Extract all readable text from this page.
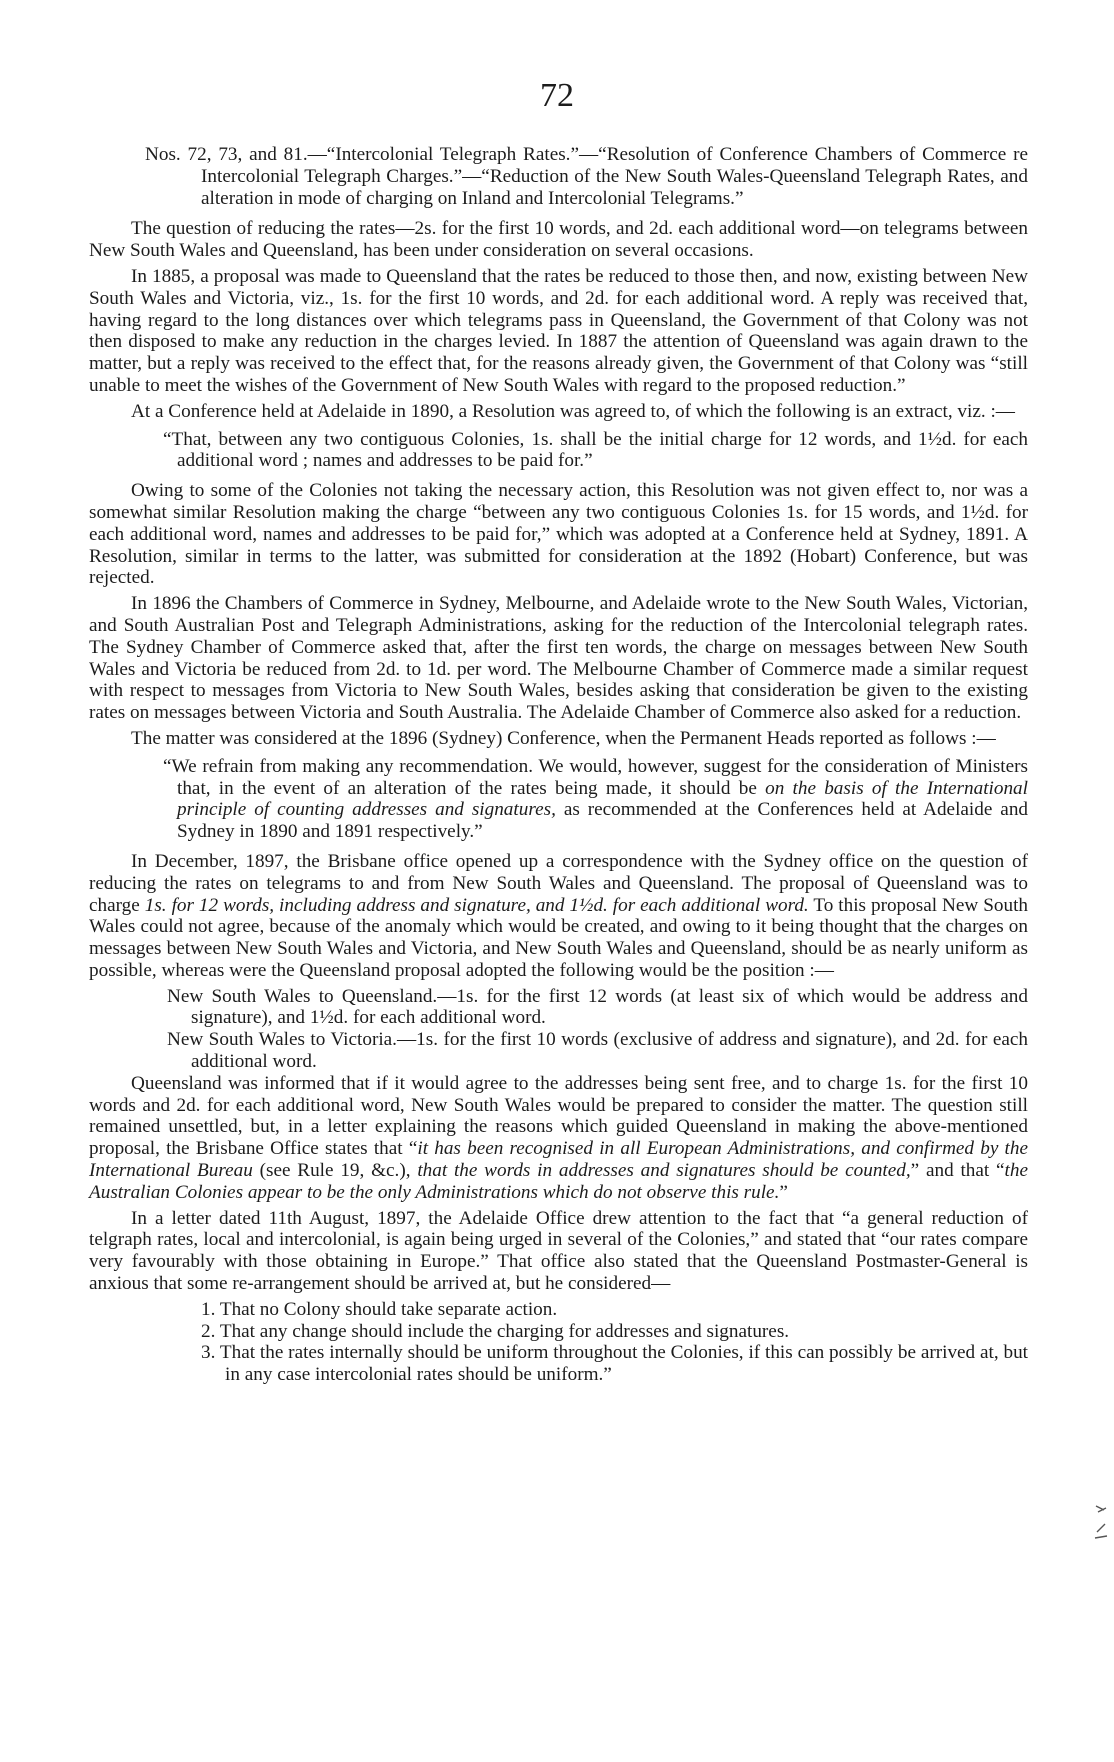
72

Nos. 72, 73, and 81.—“Intercolonial Telegraph Rates.”—“Resolution of Conference Chambers of Commerce re Intercolonial Telegraph Charges.”—“Reduction of the New South Wales-Queensland Telegraph Rates, and alteration in mode of charging on Inland and Intercolonial Telegrams.”

The question of reducing the rates—2s. for the first 10 words, and 2d. each additional word—on telegrams between New South Wales and Queensland, has been under consideration on several occasions.

In 1885, a proposal was made to Queensland that the rates be reduced to those then, and now, existing between New South Wales and Victoria, viz., 1s. for the first 10 words, and 2d. for each additional word. A reply was received that, having regard to the long distances over which telegrams pass in Queensland, the Government of that Colony was not then disposed to make any reduction in the charges levied. In 1887 the attention of Queensland was again drawn to the matter, but a reply was received to the effect that, for the reasons already given, the Government of that Colony was “still unable to meet the wishes of the Government of New South Wales with regard to the proposed reduction.”

At a Conference held at Adelaide in 1890, a Resolution was agreed to, of which the following is an extract, viz. :—

“That, between any two contiguous Colonies, 1s. shall be the initial charge for 12 words, and 1½d. for each additional word ; names and addresses to be paid for.”

Owing to some of the Colonies not taking the necessary action, this Resolution was not given effect to, nor was a somewhat similar Resolution making the charge “between any two contiguous Colonies 1s. for 15 words, and 1½d. for each additional word, names and addresses to be paid for,” which was adopted at a Conference held at Sydney, 1891. A Resolution, similar in terms to the latter, was submitted for consideration at the 1892 (Hobart) Conference, but was rejected.

In 1896 the Chambers of Commerce in Sydney, Melbourne, and Adelaide wrote to the New South Wales, Victorian, and South Australian Post and Telegraph Administrations, asking for the reduction of the Intercolonial telegraph rates. The Sydney Chamber of Commerce asked that, after the first ten words, the charge on messages between New South Wales and Victoria be reduced from 2d. to 1d. per word. The Melbourne Chamber of Commerce made a similar request with respect to messages from Victoria to New South Wales, besides asking that consideration be given to the existing rates on messages between Victoria and South Australia. The Adelaide Chamber of Commerce also asked for a reduction.

The matter was considered at the 1896 (Sydney) Conference, when the Permanent Heads reported as follows :—

“We refrain from making any recommendation. We would, however, suggest for the consideration of Ministers that, in the event of an alteration of the rates being made, it should be on the basis of the International principle of counting addresses and signatures, as recommended at the Conferences held at Adelaide and Sydney in 1890 and 1891 respectively.”

In December, 1897, the Brisbane office opened up a correspondence with the Sydney office on the question of reducing the rates on telegrams to and from New South Wales and Queensland. The proposal of Queensland was to charge 1s. for 12 words, including address and signature, and 1½d. for each additional word. To this proposal New South Wales could not agree, because of the anomaly which would be created, and owing to it being thought that the charges on messages between New South Wales and Victoria, and New South Wales and Queensland, should be as nearly uniform as possible, whereas were the Queensland proposal adopted the following would be the position :—

New South Wales to Queensland.—1s. for the first 12 words (at least six of which would be address and signature), and 1½d. for each additional word.

New South Wales to Victoria.—1s. for the first 10 words (exclusive of address and signature), and 2d. for each additional word.

Queensland was informed that if it would agree to the addresses being sent free, and to charge 1s. for the first 10 words and 2d. for each additional word, New South Wales would be prepared to consider the matter. The question still remained unsettled, but, in a letter explaining the reasons which guided Queensland in making the above-mentioned proposal, the Brisbane Office states that “it has been recognised in all European Administrations, and confirmed by the International Bureau (see Rule 19, &c.), that the words in addresses and signatures should be counted,” and that “the Australian Colonies appear to be the only Administrations which do not observe this rule.”

In a letter dated 11th August, 1897, the Adelaide Office drew attention to the fact that “a general reduction of telgraph rates, local and intercolonial, is again being urged in several of the Colonies,” and stated that “our rates compare very favourably with those obtaining in Europe.” That office also stated that the Queensland Postmaster-General is anxious that some re-arrangement should be arrived at, but he considered—

1. That no Colony should take separate action.
2. That any change should include the charging for addresses and signatures.
3. That the rates internally should be uniform throughout the Colonies, if this can possibly be arrived at, but in any case intercolonial rates should be uniform.”
